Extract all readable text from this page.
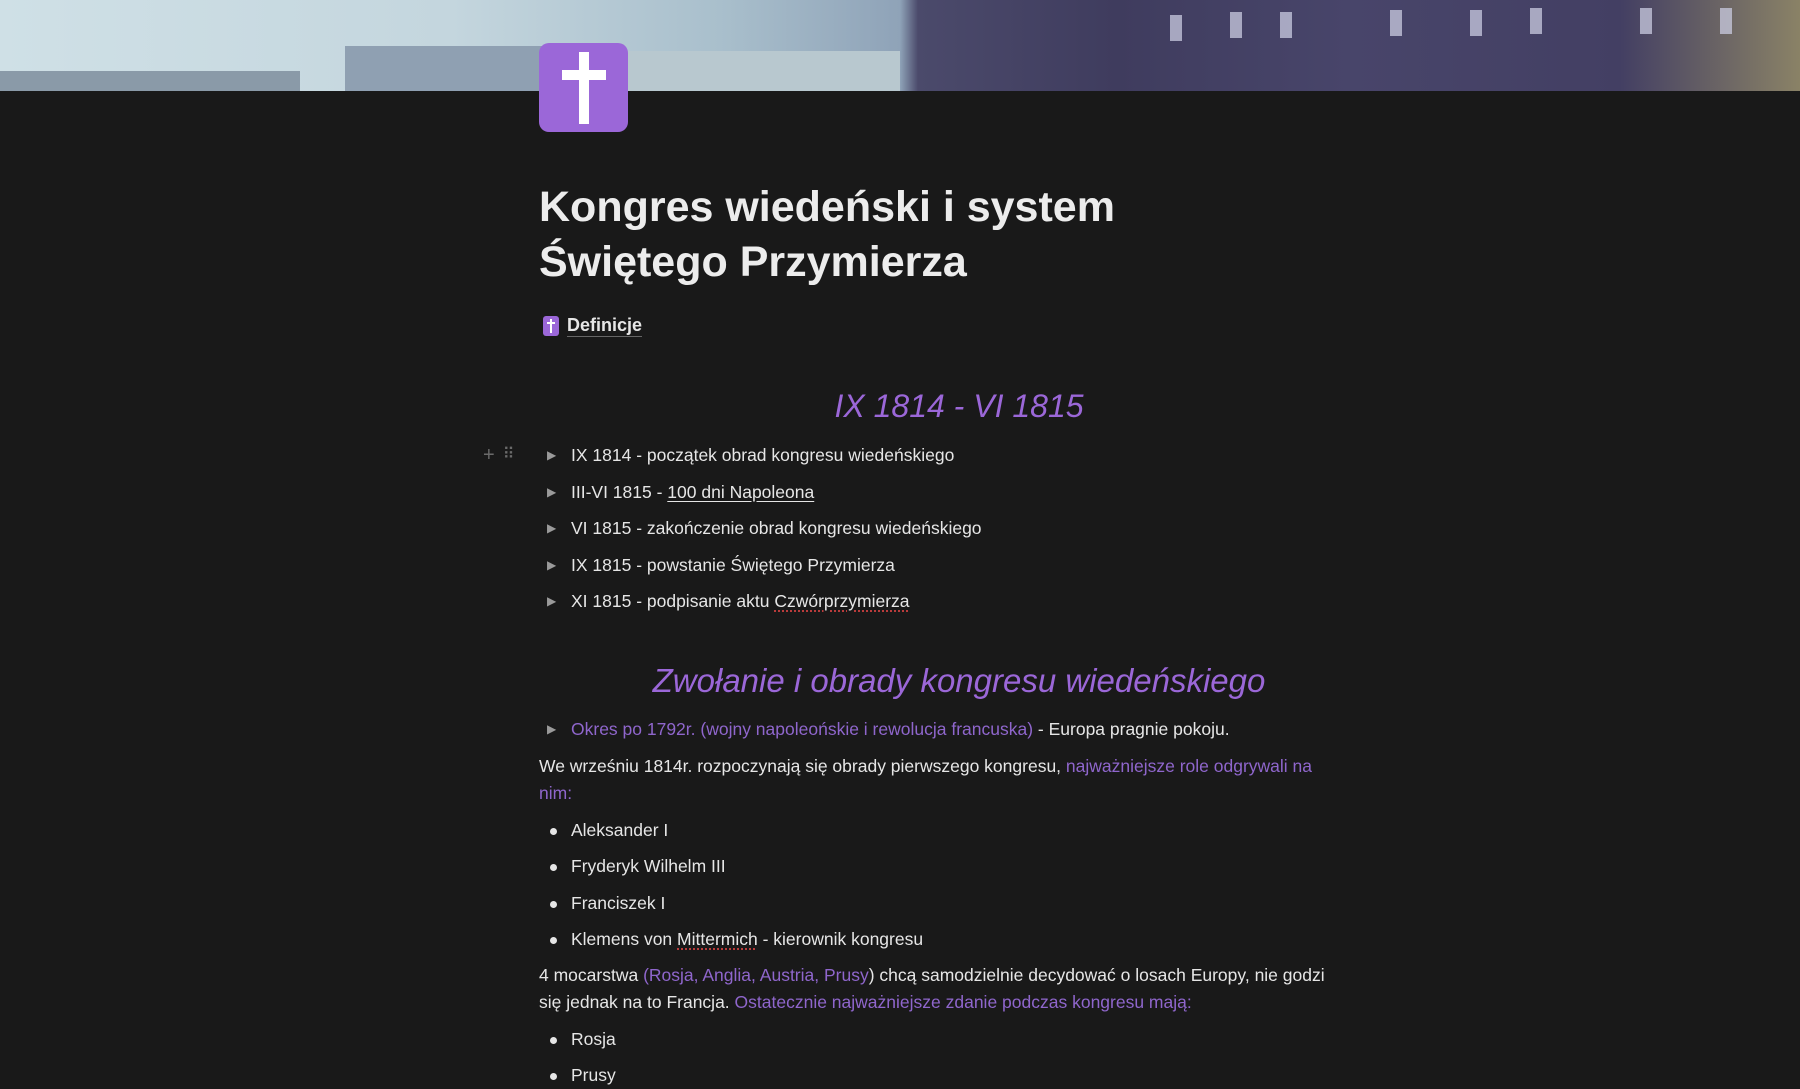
Kongres wiedeński i system Świętego Przymierza
Definicje
IX 1814 - VI 1815
+ ⠿	▶ IX 1814 - początek obrad kongresu wiedeńskiego
▶ III-VI 1815 - 100 dni Napoleona
▶ VI 1815 - zakończenie obrad kongresu wiedeńskiego
▶ IX 1815 - powstanie Świętego Przymierza
▶ XI 1815 - podpisanie aktu Czwórprzymierza
Zwołanie i obrady kongresu wiedeńskiego
▶ Okres po 1792r. (wojny napoleońskie i rewolucja francuska) - Europa pragnie pokoju.
We wrześniu 1814r. rozpoczynają się obrady pierwszego kongresu, najważniejsze role odgrywali na nim:
Aleksander I
Fryderyk Wilhelm III
Franciszek I
Klemens von Mittermich - kierownik kongresu
4 mocarstwa (Rosja, Anglia, Austria, Prusy) chcą samodzielnie decydować o losach Europy, nie godzi się jednak na to Francja. Ostatecznie najważniejsze zdanie podczas kongresu mają:
Rosja
Prusy
